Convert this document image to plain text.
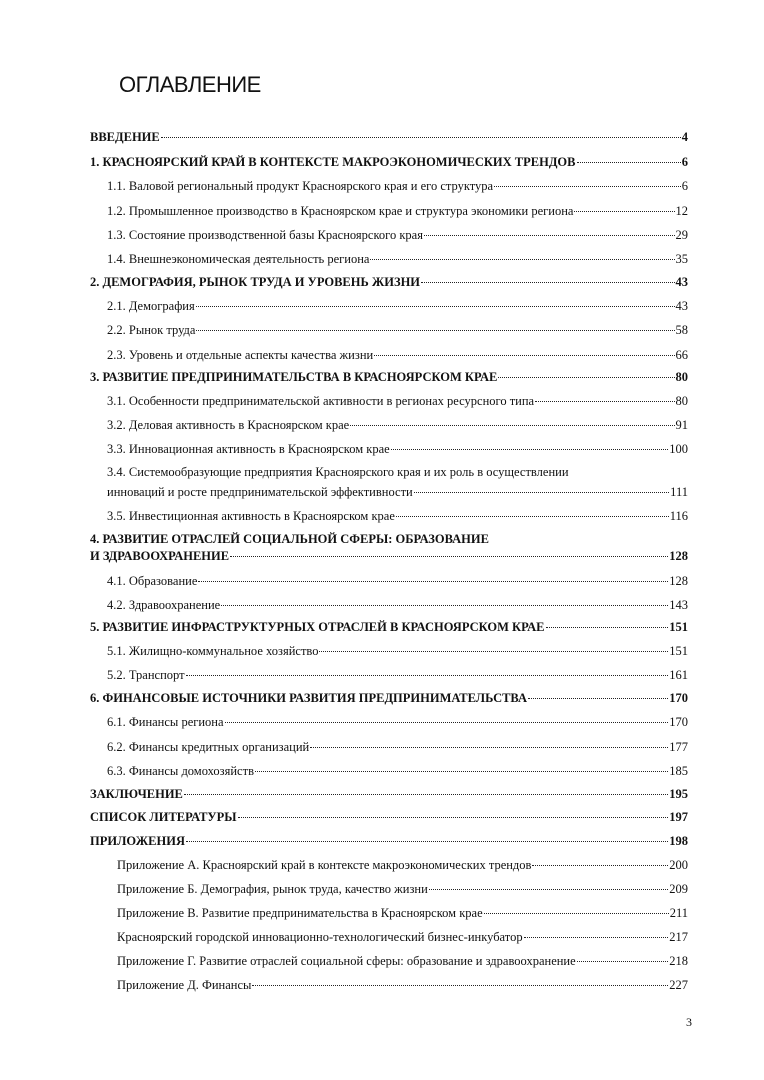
ОГЛАВЛЕНИЕ
ВВЕДЕНИЕ	4
1. КРАСНОЯРСКИЙ КРАЙ В КОНТЕКСТЕ МАКРОЭКОНОМИЧЕСКИХ ТРЕНДОВ	6
1.1. Валовой региональный продукт Красноярского края и его структура	6
1.2. Промышленное производство в Красноярском крае и структура экономики региона	12
1.3. Состояние производственной базы Красноярского края	29
1.4. Внешнеэкономическая деятельность региона	35
2. ДЕМОГРАФИЯ, РЫНОК ТРУДА И УРОВЕНЬ ЖИЗНИ	43
2.1. Демография	43
2.2. Рынок труда	58
2.3. Уровень и отдельные аспекты качества жизни	66
3. РАЗВИТИЕ ПРЕДПРИНИМАТЕЛЬСТВА В КРАСНОЯРСКОМ КРАЕ	80
3.1. Особенности предпринимательской активности в регионах ресурсного типа	80
3.2. Деловая активность в Красноярском крае	91
3.3. Инновационная активность в Красноярском крае	100
3.4. Системообразующие предприятия Красноярского края и их роль в осуществлении
инноваций и росте предпринимательской эффективности	111
3.5. Инвестиционная активность в Красноярском крае	116
4. РАЗВИТИЕ ОТРАСЛЕЙ СОЦИАЛЬНОЙ СФЕРЫ: ОБРАЗОВАНИЕ
И ЗДРАВООХРАНЕНИЕ	128
4.1. Образование	128
4.2. Здравоохранение	143
5. РАЗВИТИЕ ИНФРАСТРУКТУРНЫХ ОТРАСЛЕЙ В КРАСНОЯРСКОМ КРАЕ	151
5.1. Жилищно-коммунальное хозяйство	151
5.2. Транспорт	161
6. ФИНАНСОВЫЕ ИСТОЧНИКИ РАЗВИТИЯ ПРЕДПРИНИМАТЕЛЬСТВА	170
6.1. Финансы региона	170
6.2. Финансы кредитных организаций	177
6.3. Финансы домохозяйств	185
ЗАКЛЮЧЕНИЕ	195
СПИСОК ЛИТЕРАТУРЫ	197
ПРИЛОЖЕНИЯ	198
Приложение А. Красноярский край в контексте макроэкономических трендов	200
Приложение Б. Демография, рынок труда, качество жизни	209
Приложение В. Развитие предпринимательства в Красноярском крае	211
Красноярский городской инновационно-технологический бизнес-инкубатор	217
Приложение Г. Развитие отраслей социальной сферы: образование и здравоохранение	218
Приложение Д. Финансы	227
3
